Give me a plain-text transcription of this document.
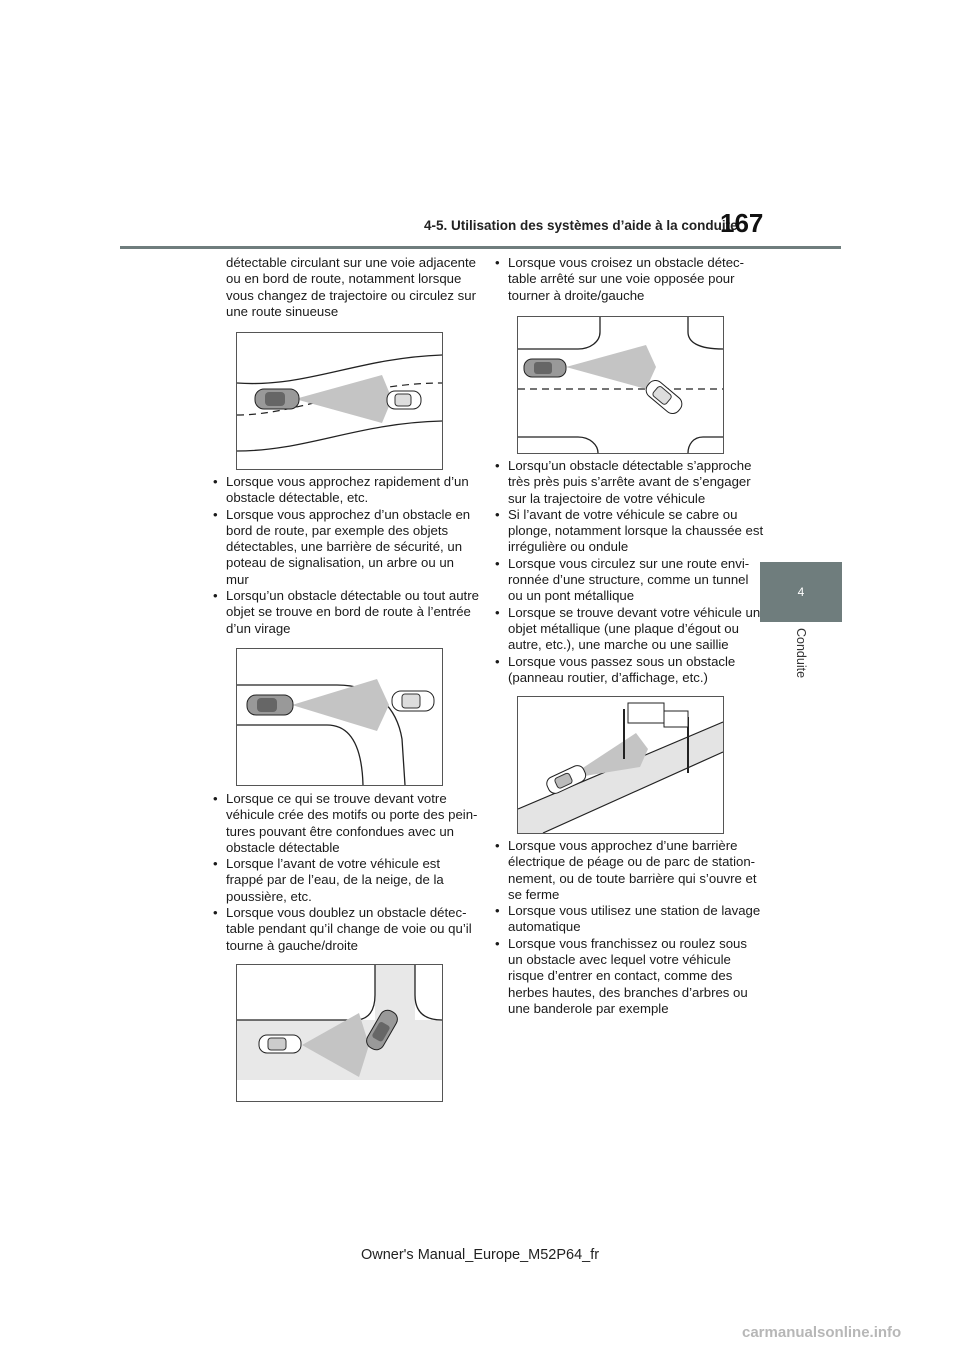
4-5. Utilisation des systèmes d’aide à la conduite
167
4
Conduite

détectable circulant sur une voie adjacente ou en bord de route, notamment lorsque vous changez de trajectoire ou circulez sur une route sinueuse

• Lorsque vous approchez rapidement d’un obstacle détectable, etc.
• Lorsque vous approchez d’un obstacle en bord de route, par exemple des objets détectables, une barrière de sécurité, un poteau de signalisation, un arbre ou un mur
• Lorsqu’un obstacle détectable ou tout autre objet se trouve en bord de route à l’entrée d’un virage
• Lorsque ce qui se trouve devant votre véhicule crée des motifs ou porte des pein-tures pouvant être confondues avec un obstacle détectable
• Lorsque l’avant de votre véhicule est frappé par de l’eau, de la neige, de la poussière, etc.
• Lorsque vous doublez un obstacle détec-table pendant qu’il change de voie ou qu’il tourne à gauche/droite
• Lorsque vous croisez un obstacle détec-table arrêté sur une voie opposée pour tourner à droite/gauche
• Lorsqu’un obstacle détectable s’approche très près puis s’arrête avant de s’engager sur la trajectoire de votre véhicule
• Si l’avant de votre véhicule se cabre ou plonge, notamment lorsque la chaussée est irrégulière ou ondule
• Lorsque vous circulez sur une route envi-ronnée d’une structure, comme un tunnel ou un pont métallique
• Lorsque se trouve devant votre véhicule un objet métallique (une plaque d’égout ou autre, etc.), une marche ou une saillie
• Lorsque vous passez sous un obstacle (panneau routier, d’affichage, etc.)
• Lorsque vous approchez d’une barrière électrique de péage ou de parc de station-nement, ou de toute barrière qui s’ouvre et se ferme
• Lorsque vous utilisez une station de lavage automatique
• Lorsque vous franchissez ou roulez sous un obstacle avec lequel votre véhicule risque d’entrer en contact, comme des herbes hautes, des branches d’arbres ou une banderole par exemple
Owner's Manual_Europe_M52P64_fr
carmanualsonline.info
